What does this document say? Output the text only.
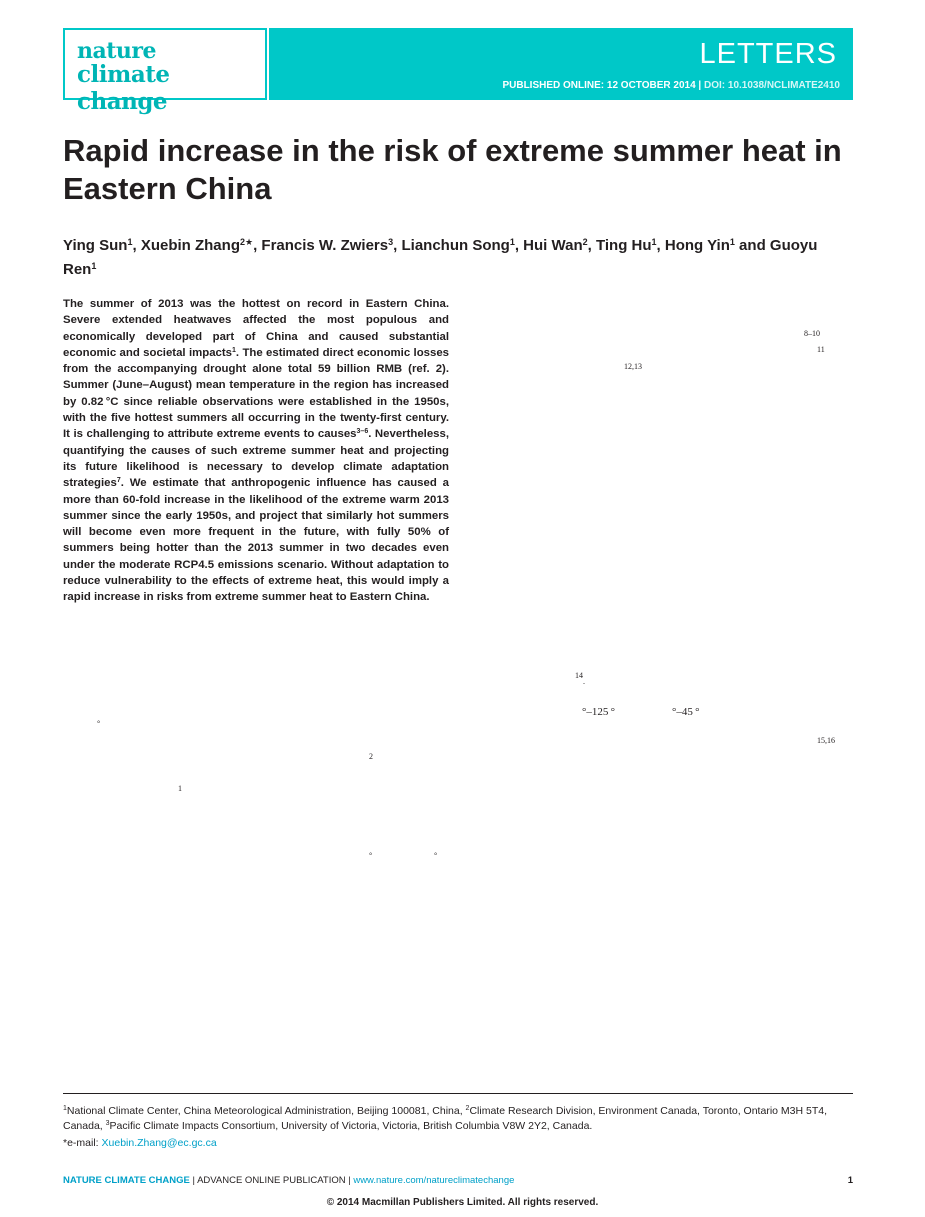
nature
climate change
LETTERS
PUBLISHED ONLINE: 12 OCTOBER 2014 | DOI: 10.1038/NCLIMATE2410
Rapid increase in the risk of extreme summer heat in Eastern China
Ying Sun$^1$, Xuebin Zhang$^{2★}$, Francis W. Zwiers$^3$, Lianchun Song$^1$, Hui Wan$^2$, Ting Hu$^1$, Hong Yin$^1$ and Guoyu Ren$^1$

The summer of 2013 was the hottest on record in Eastern China. Severe extended heatwaves affected the most populous and economically developed part of China and caused substantial economic and societal impacts$^1$. The estimated direct economic losses from the accompanying drought alone total 59 billion RMB (ref. 2). Summer (June–August) mean temperature in the region has increased by 0.82 °C since reliable observations were established in the 1950s, with the five hottest summers all occurring in the twenty-first century. It is challenging to attribute extreme events to causes$^{3-6}$. Nevertheless, quantifying the causes of such extreme summer heat and projecting its future likelihood is necessary to develop climate adaptation strategies$^7$. We estimate that anthropogenic influence has caused a more than 60-fold increase in the likelihood of the extreme warm 2013 summer since the early 1950s, and project that similarly hot summers will become even more frequent in the future, with fully 50% of summers being hotter than the 2013 summer in two decades even under the moderate RCP4.5 emissions scenario. Without adaptation to reduce vulnerability to the effects of extreme heat, this would imply a rapid increase in risks from extreme summer heat to Eastern China.

8–10
11
12,13
14
.
°–125 °	°–45 °
15,16
°
2
1
°	°
$^1$National Climate Center, China Meteorological Administration, Beijing 100081, China, $^2$Climate Research Division, Environment Canada, Toronto, Ontario M3H 5T4, Canada, $^3$Pacific Climate Impacts Consortium, University of Victoria, Victoria, British Columbia V8W 2Y2, Canada.
*e-mail: Xuebin.Zhang@ec.gc.ca
NATURE CLIMATE CHANGE | ADVANCE ONLINE PUBLICATION | www.nature.com/natureclimatechange	1
© 2014 Macmillan Publishers Limited. All rights reserved.
